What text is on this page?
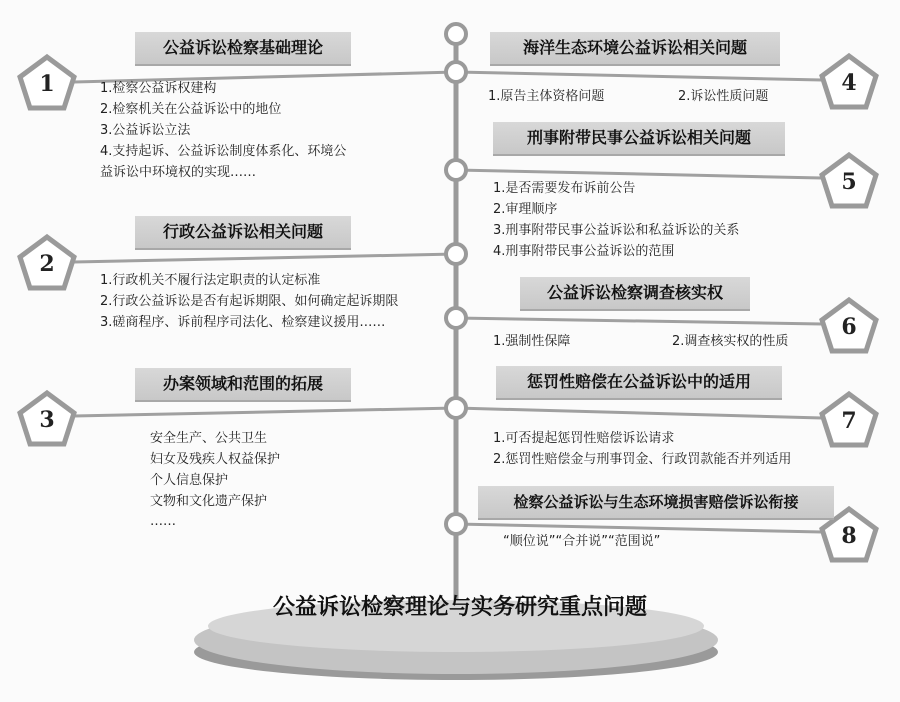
1
2
3
4
5
6
7
8
公益诉讼检察基础理论
1.检察公益诉权建构
2.检察机关在公益诉讼中的地位
3.公益诉讼立法
4.支持起诉、公益诉讼制度体系化、环境公
益诉讼中环境权的实现……
行政公益诉讼相关问题
1.行政机关不履行法定职责的认定标准
2.行政公益诉讼是否有起诉期限、如何确定起诉期限
3.磋商程序、诉前程序司法化、检察建议援用……
办案领域和范围的拓展
安全生产、公共卫生
妇女及残疾人权益保护
个人信息保护
文物和文化遗产保护
……
海洋生态环境公益诉讼相关问题
1.原告主体资格问题	2.诉讼性质问题
刑事附带民事公益诉讼相关问题
1.是否需要发布诉前公告
2.审理顺序
3.刑事附带民事公益诉讼和私益诉讼的关系
4.刑事附带民事公益诉讼的范围
公益诉讼检察调查核实权
1.强制性保障	2.调查核实权的性质
惩罚性赔偿在公益诉讼中的适用
1.可否提起惩罚性赔偿诉讼请求
2.惩罚性赔偿金与刑事罚金、行政罚款能否并列适用
检察公益诉讼与生态环境损害赔偿诉讼衔接
“顺位说”“合并说”“范围说”
公益诉讼检察理论与实务研究重点问题
